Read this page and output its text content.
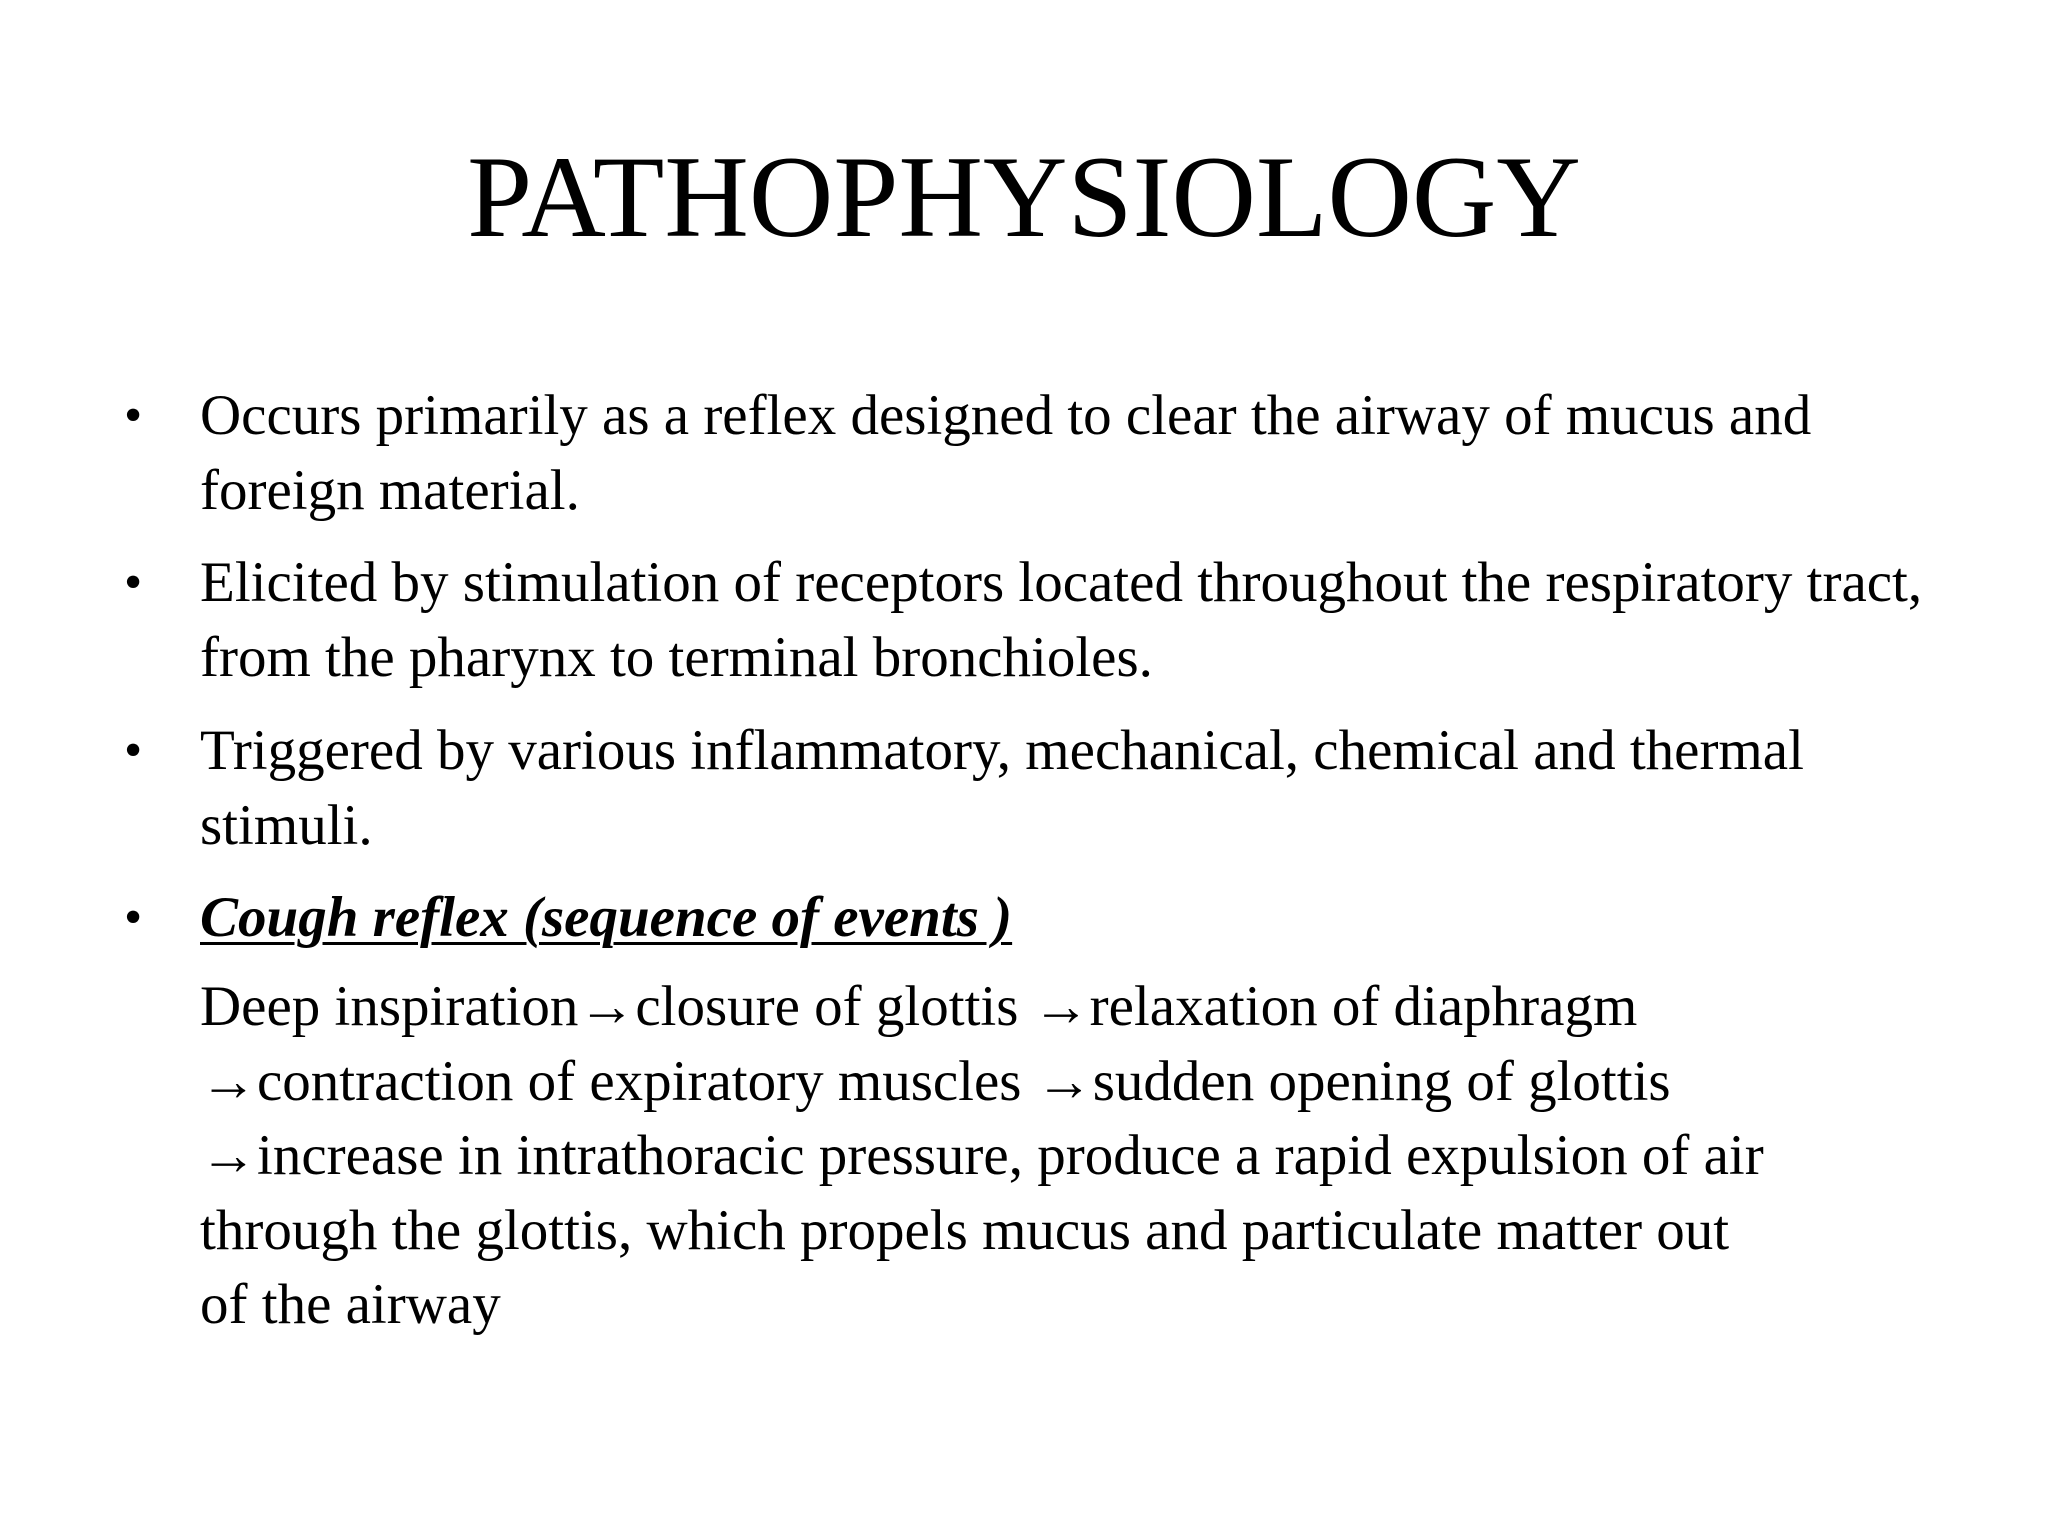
PATHOPHYSIOLOGY
• Occurs primarily as a reflex designed to clear the airway of mucus and foreign material.
• Elicited by stimulation of receptors located throughout the respiratory tract, from the pharynx to terminal bronchioles.
• Triggered by various inflammatory, mechanical, chemical and thermal stimuli.
• Cough reflex (sequence of events )
Deep inspiration→closure of glottis →relaxation of diaphragm
→contraction of expiratory muscles →sudden opening of glottis
→increase in intrathoracic pressure, produce a rapid expulsion of air
through the glottis, which propels mucus and particulate matter out
of the airway
